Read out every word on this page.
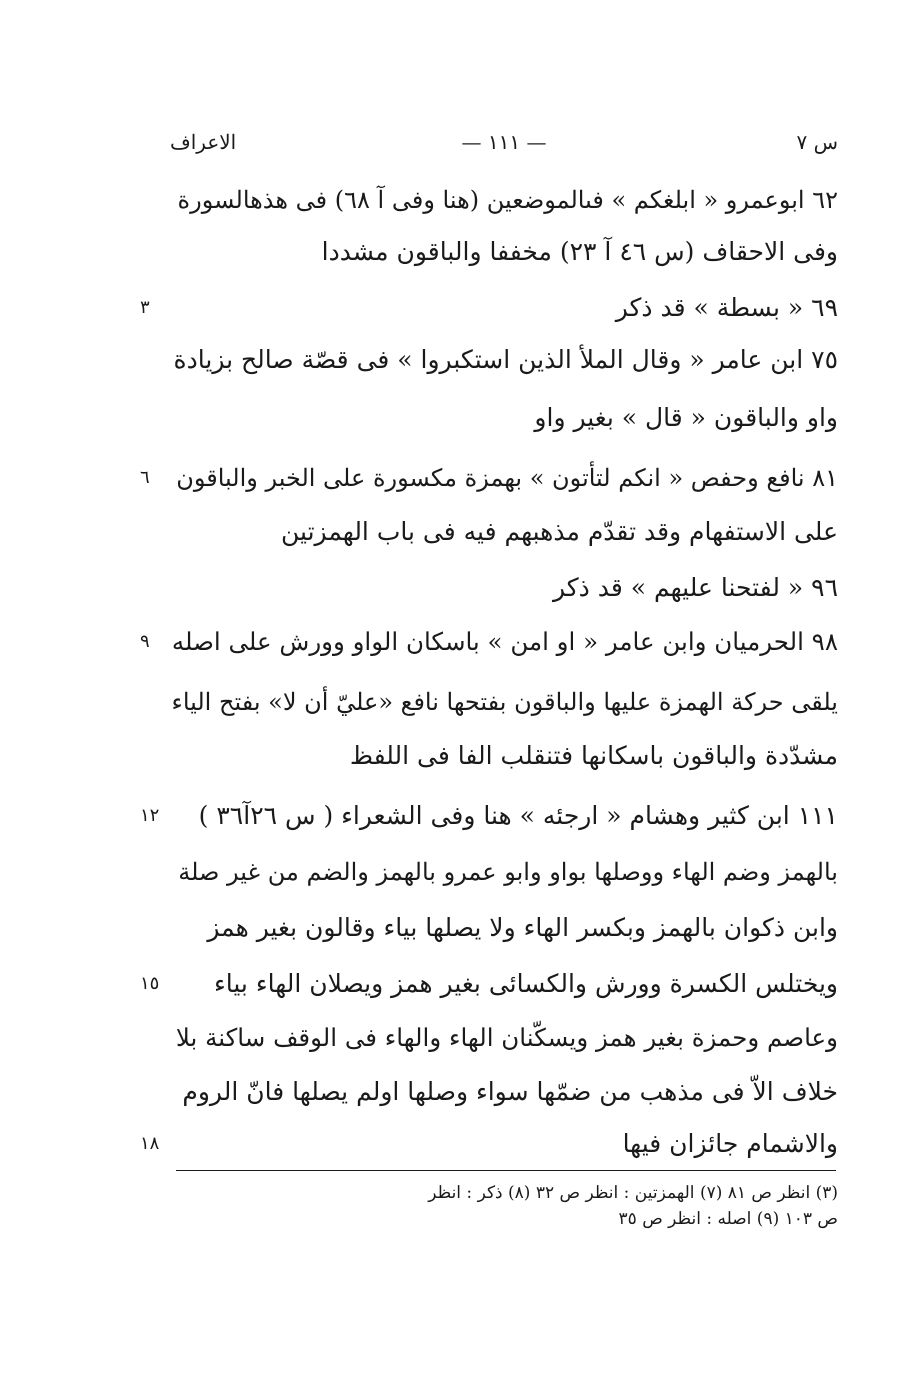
س ٧
— ١١١ —
الاعراف
٦٢ ابوعمرو « ابلغكم » فىالموضعين (هنا وفى آ ٦٨) فى هذهالسورة
وفى الاحقاف (س ٤٦ آ ٢٣) مخففا والباقون مشددا
٦٩ « بسطة » قد ذكر
٧٥ ابن عامر « وقال الملأ الذين استكبروا » فى قصّة صالح بزيادة
واو والباقون « قال » بغير واو
٨١ نافع وحفص « انكم لتأتون » بهمزة مكسورة على الخبر والباقون
على الاستفهام وقد تقدّم مذهبهم فيه فى باب الهمزتين
٩٦ « لفتحنا عليهم » قد ذكر
٩٨ الحرميان وابن عامر « او امن » باسكان الواو وورش على اصله
يلقى حركة الهمزة عليها والباقون بفتحها نافع «عليّ أن لا» بفتح الياء
مشدّدة والباقون باسكانها فتنقلب الفا فى اللفظ
١١١ ابن كثير وهشام « ارجئه » هنا وفى الشعراء ( س ٢٦آ٣٦ )
بالهمز وضم الهاء ووصلها بواو وابو عمرو بالهمز والضم من غير صلة
وابن ذكوان بالهمز وبكسر الهاء ولا يصلها بياء وقالون بغير همز
ويختلس الكسرة وورش والكسائى بغير همز ويصلان الهاء بياء
وعاصم وحمزة بغير همز ويسكّنان الهاء والهاء فى الوقف ساكنة بلا
خلاف الاّ فى مذهب من ضمّها سواء وصلها اولم يصلها فانّ الروم
والاشمام جائزان فيها
٣
٦
٩
١٢
١٥
١٨
(٣) انظر ص ٨١ (٧) الهمزتين : انظر ص ٣٢ (٨) ذكر : انظر
ص ١٠٣ (٩) اصله : انظر ص ٣٥
